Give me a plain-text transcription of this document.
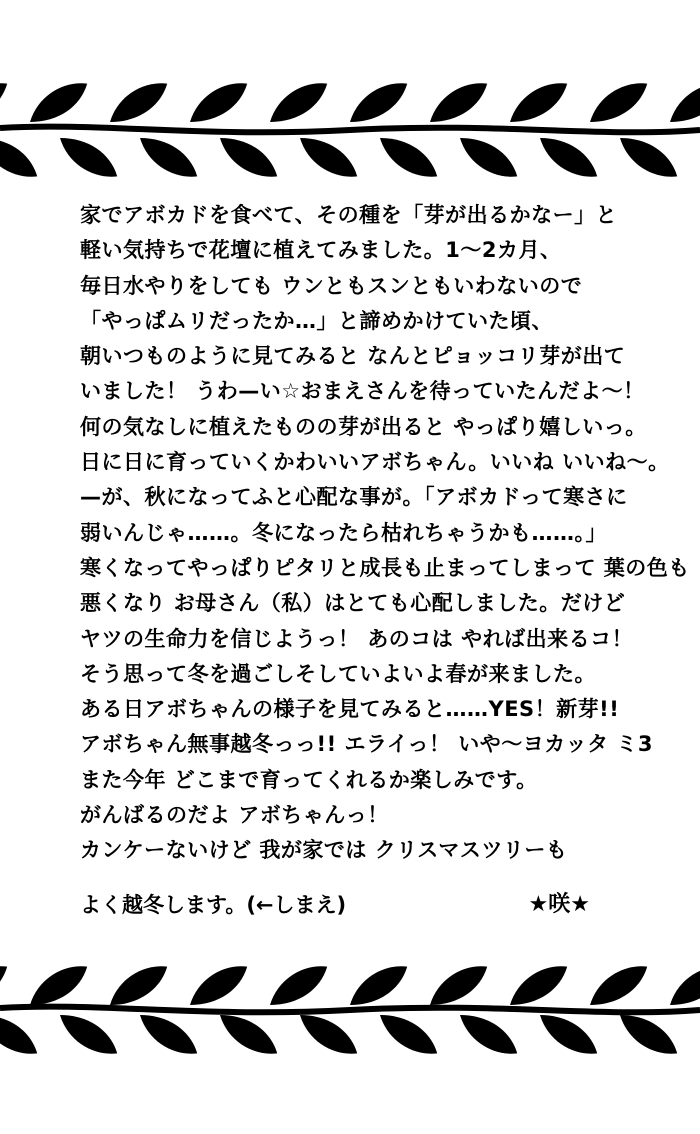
家でアボカドを食べて、その種を「芽が出るかなー」と
軽い気持ちで花壇に植えてみました。1～2カ月、
毎日水やりをしても ウンともスンともいわないので
「やっぱムリだったか…」と諦めかけていた頃、
朝いつものように見てみると なんとピョッコリ芽が出て
いました！ うわ—い☆おまえさんを待っていたんだよ〜！
何の気なしに植えたものの芽が出ると やっぱり嬉しいっ。
日に日に育っていくかわいいアボちゃん。いいね いいね〜。
—が、秋になってふと心配な事が。「アボカドって寒さに
弱いんじゃ……。冬になったら枯れちゃうかも……。」
寒くなってやっぱりピタリと成長も止まってしまって 葉の色も
悪くなり お母さん（私）はとても心配しました。だけど
ヤツの生命力を信じようっ！ あのコは やれば出来るコ！
そう思って冬を過ごしそしていよいよ春が来ました。
ある日アボちゃんの様子を見てみると……YES！新芽!!
アボちゃん無事越冬っっ!! エライっ！ いや〜ヨカッタ ミ3
また今年 どこまで育ってくれるか楽しみです。
がんばるのだよ アボちゃんっ！
カンケーないけど 我が家では クリスマスツリーも
よく越冬します。(←しまえ)	★咲★
